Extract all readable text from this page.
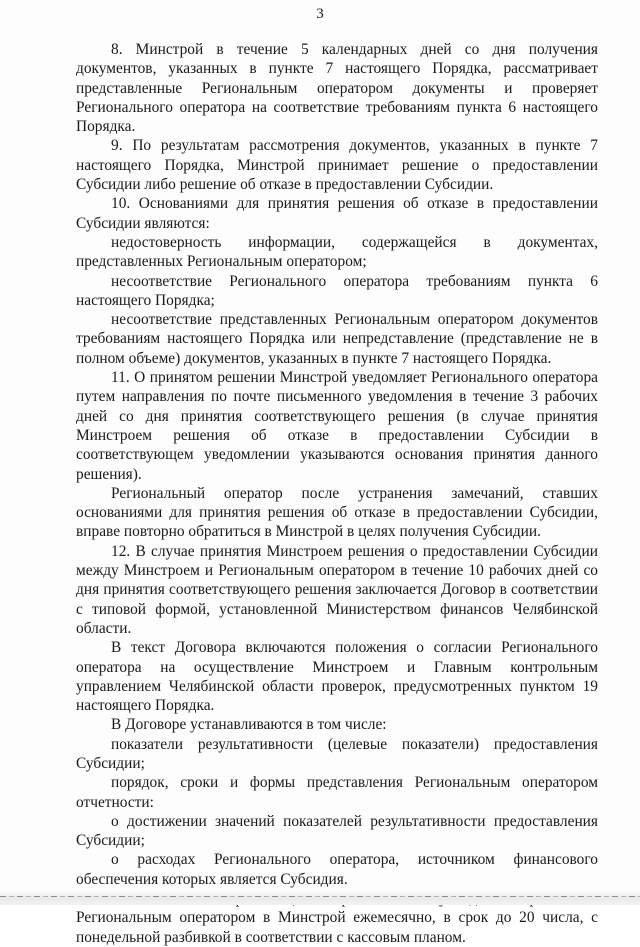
3

8. Минстрой в течение 5 календарных дней со дня получения документов, указанных в пункте 7 настоящего Порядка, рассматривает представленные Региональным оператором документы и проверяет Регионального оператора на соответствие требованиям пункта 6 настоящего Порядка.

9. По результатам рассмотрения документов, указанных в пункте 7 настоящего Порядка, Минстрой принимает решение о предоставлении Субсидии либо решение об отказе в предоставлении Субсидии.

10. Основаниями для принятия решения об отказе в предоставлении Субсидии являются:

недостоверность информации, содержащейся в документах, представленных Региональным оператором;

несоответствие Регионального оператора требованиям пункта 6 настоящего Порядка;

несоответствие представленных Региональным оператором документов требованиям настоящего Порядка или непредставление (представление не в полном объеме) документов, указанных в пункте 7 настоящего Порядка.

11. О принятом решении Минстрой уведомляет Регионального оператора путем направления по почте письменного уведомления в течение 3 рабочих дней со дня принятия соответствующего решения (в случае принятия Минстроем решения об отказе в предоставлении Субсидии в соответствующем уведомлении указываются основания принятия данного решения).

Региональный оператор после устранения замечаний, ставших основаниями для принятия решения об отказе в предоставлении Субсидии, вправе повторно обратиться в Минстрой в целях получения Субсидии.

12. В случае принятия Минстроем решения о предоставлении Субсидии между Минстроем и Региональным оператором в течение 10 рабочих дней со дня принятия соответствующего решения заключается Договор в соответствии с типовой формой, установленной Министерством финансов Челябинской области.

В текст Договора включаются положения о согласии Регионального оператора на осуществление Минстроем и Главным контрольным управлением Челябинской области проверок, предусмотренных пунктом 19 настоящего Порядка.

В Договоре устанавливаются в том числе:

показатели результативности (целевые показатели) предоставления Субсидии;

порядок, сроки и формы представления Региональным оператором отчетности:

о достижении значений показателей результативности предоставления Субсидии;

о расходах Регионального оператора, источником финансового обеспечения которых является Субсидия.

Региональным оператором в Минстрой ежемесячно, в срок до 20 числа, с понедельной разбивкой в соответствии с кассовым планом.
